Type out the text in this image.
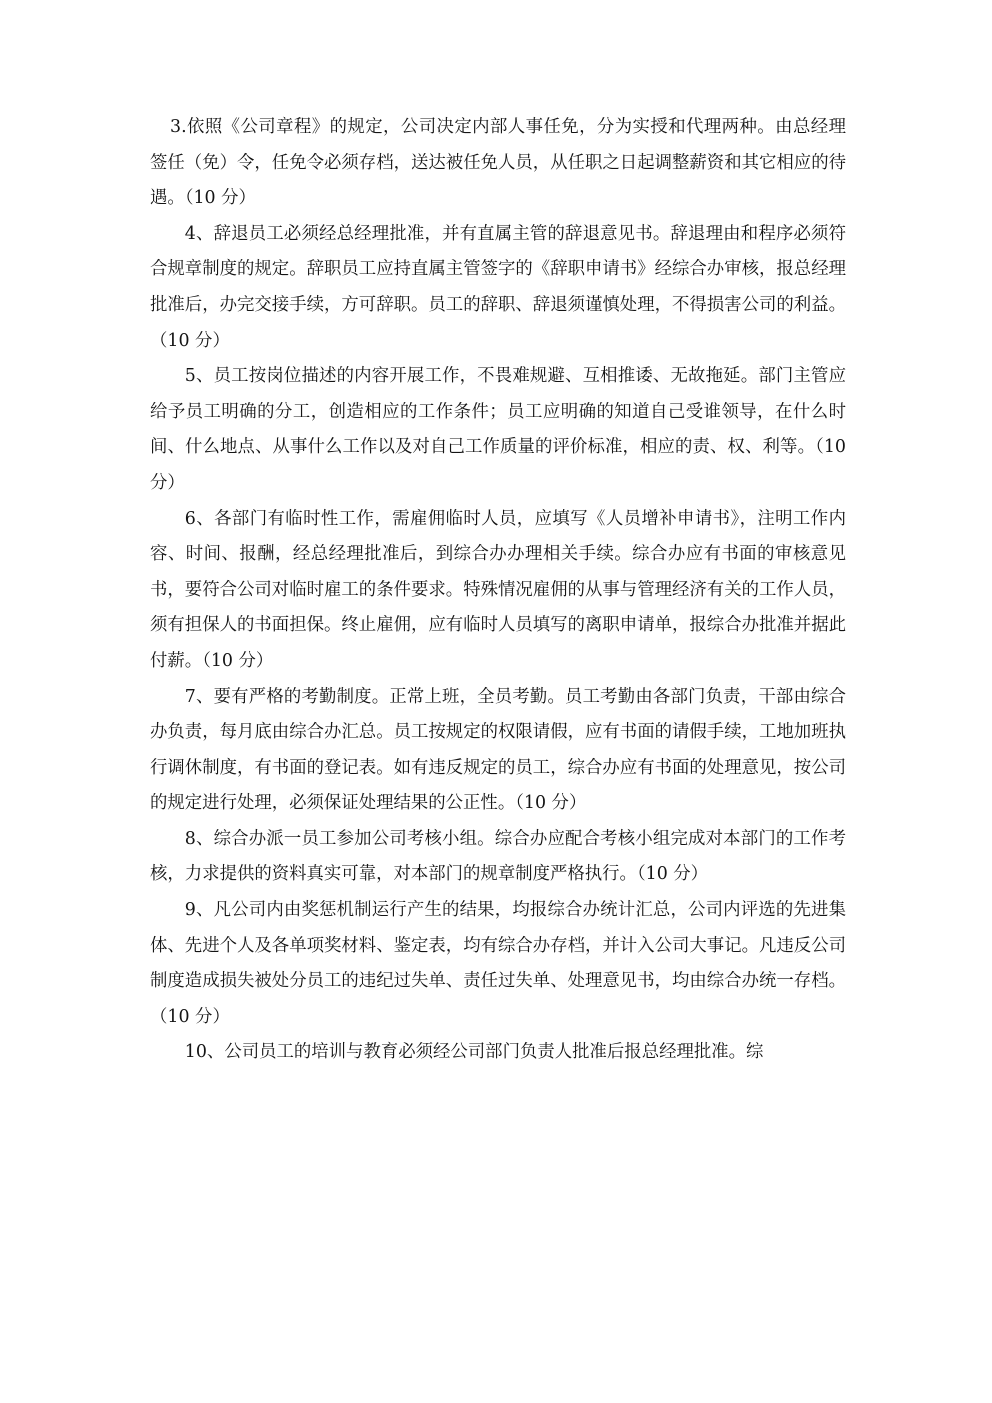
3.依照《公司章程》的规定，公司决定内部人事任免，分为实授和代理两种。由总经理签任（免）令，任免令必须存档，送达被任免人员，从任职之日起调整薪资和其它相应的待遇。（10 分）

4、辞退员工必须经总经理批准，并有直属主管的辞退意见书。辞退理由和程序必须符合规章制度的规定。辞职员工应持直属主管签字的《辞职申请书》经综合办审核，报总经理批准后，办完交接手续，方可辞职。员工的辞职、辞退须谨慎处理，不得损害公司的利益。（10 分）

5、员工按岗位描述的内容开展工作，不畏难规避、互相推诿、无故拖延。部门主管应给予员工明确的分工，创造相应的工作条件；员工应明确的知道自己受谁领导，在什么时间、什么地点、从事什么工作以及对自己工作质量的评价标准，相应的责、权、利等。（10 分）

6、各部门有临时性工作，需雇佣临时人员，应填写《人员增补申请书》，注明工作内容、时间、报酬，经总经理批准后，到综合办办理相关手续。综合办应有书面的审核意见书，要符合公司对临时雇工的条件要求。特殊情况雇佣的从事与管理经济有关的工作人员，须有担保人的书面担保。终止雇佣，应有临时人员填写的离职申请单，报综合办批准并据此付薪。（10 分）

7、要有严格的考勤制度。正常上班，全员考勤。员工考勤由各部门负责，干部由综合办负责，每月底由综合办汇总。员工按规定的权限请假，应有书面的请假手续，工地加班执行调休制度，有书面的登记表。如有违反规定的员工，综合办应有书面的处理意见，按公司的规定进行处理，必须保证处理结果的公正性。（10 分）

8、综合办派一员工参加公司考核小组。综合办应配合考核小组完成对本部门的工作考核，力求提供的资料真实可靠，对本部门的规章制度严格执行。（10 分）

9、凡公司内由奖惩机制运行产生的结果，均报综合办统计汇总，公司内评选的先进集体、先进个人及各单项奖材料、鉴定表，均有综合办存档，并计入公司大事记。凡违反公司制度造成损失被处分员工的违纪过失单、责任过失单、处理意见书，均由综合办统一存档。（10 分）

10、公司员工的培训与教育必须经公司部门负责人批准后报总经理批准。综
